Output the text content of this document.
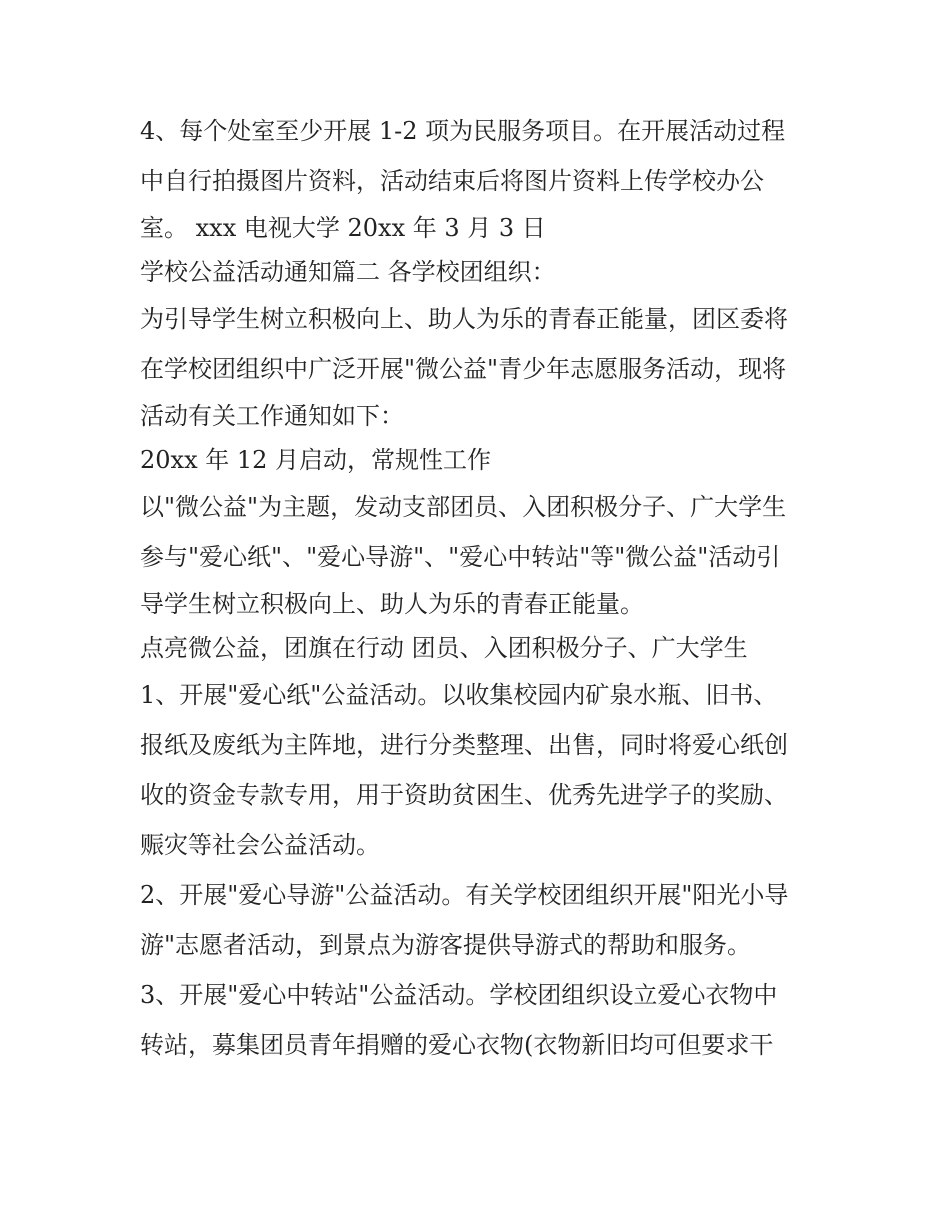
4、每个处室至少开展 1-2 项为民服务项目。在开展活动过程
中自行拍摄图片资料，活动结束后将图片资料上传学校办公
室。 xxx 电视大学 20xx 年 3 月 3 日
学校公益活动通知篇二 各学校团组织：
为引导学生树立积极向上、助人为乐的青春正能量，团区委将
在学校团组织中广泛开展"微公益"青少年志愿服务活动，现将
活动有关工作通知如下：
20xx 年 12 月启动，常规性工作
以"微公益"为主题，发动支部团员、入团积极分子、广大学生
参与"爱心纸"、"爱心导游"、"爱心中转站"等"微公益"活动引
导学生树立积极向上、助人为乐的青春正能量。
点亮微公益，团旗在行动 团员、入团积极分子、广大学生
1、开展"爱心纸"公益活动。以收集校园内矿泉水瓶、旧书、
报纸及废纸为主阵地，进行分类整理、出售，同时将爱心纸创
收的资金专款专用，用于资助贫困生、优秀先进学子的奖励、
赈灾等社会公益活动。
2、开展"爱心导游"公益活动。有关学校团组织开展"阳光小导
游"志愿者活动，到景点为游客提供导游式的帮助和服务。
3、开展"爱心中转站"公益活动。学校团组织设立爱心衣物中
转站，募集团员青年捐赠的爱心衣物(衣物新旧均可但要求干
